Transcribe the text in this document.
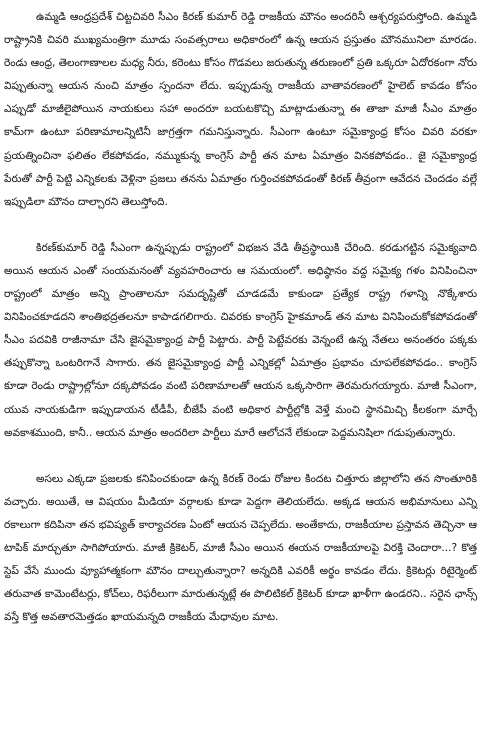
ఉమ్మడి ఆంధ్రప్రదేశ్ చిట్టచివరి సీఎం కిరణ్ కుమార్ రెడ్డి రాజకీయ మౌనం అందరినీ ఆశ్చర్యపరుస్తోంది. ఉమ్మడి రాష్ట్రానికి చివరి ముఖ్యమంత్రిగా మూడు సంవత్సరాలు అధికారంలో ఉన్న ఆయన ప్రస్తుతం మౌనమునిలా మారడం. రెండు ఆంధ్ర, తెలంగాణాలల మధ్య నీరు, కరెంటు కోసం గొడవలు జరుతున్న తరుణంలో ప్రతి ఒక్కరూ ఏదోరకంగా నోరు విప్పుతున్నా ఆయన నుంచి మాత్రం స్పందనా లేదు. ఇప్పుడున్న రాజకీయ వాతావరణంలో హైలెట్ కావడం కోసం ఎప్పుడో మాజీలైపోయిన నాయకులు సహా అందరూ బయటకొచ్చి మాట్లాడుతున్నా ఈ తాజా మాజీ సీఎం మాత్రం కామ్‌గా ఉంటూ పరిణామాలన్నిటినీ జాగ్రత్తగా గమనిస్తున్నారు. సీఎంగా ఉంటూ సమైక్యాంధ్ర కోసం చివరి వరకూ ప్రయత్నించినా ఫలితం లేకపోవడం, నమ్ముకున్న కాంగ్రెస్ పార్టీ తన మాట ఏమాత్రం వినకపోవడం.. జై సమైక్యాంధ్ర పేరుతో పార్టీ పెట్టి ఎన్నికలకు వెళ్లినా ప్రజలు తనను ఏమాత్రం గుర్తించకపోవడంతో కిరణ్ తీవ్రంగా ఆవేదన చెందడం వల్లే ఇప్పుడిలా మౌనం దాల్చారని తెలుస్తోంది.

కిరణ్‌కుమార్ రెడ్డి సీఎంగా ఉన్నప్పుడు రాష్ట్రంలో విభజన వేడి తీవ్రస్థాయికి చేరింది. కరడుగట్టిన సమైక్యవాది అయిన ఆయన ఎంతో సంయమనంతో వ్యవహరించారు ఆ సమయంలో. అధిష్ఠానం వద్ద సమైక్య గళం వినిపించినా రాష్ట్రంలో మాత్రం అన్ని ప్రాంతాలనూ సమదృష్టితో చూడడమే కాకుండా ప్రత్యేక రాష్ట్ర గళాన్ని నొక్కేశారు వినిపించకూడదని శాంతిభద్రతలనూ కాపాడగలిగారు. చివరకు కాంగ్రెస్ హైకమాండ్ తన మాట వినిపించుకోకపోవడంతో సీఎం పదవికి రాజీనామా చేసి జైసమైక్యాంధ్ర పార్టీ పెట్టారు. పార్టీ పెట్టేవరకు వెన్నంటే ఉన్న నేతలు అనంతరం పక్కకు తప్పుకొన్నా ఒంటరిగానే సాగారు. తన జైసమైక్యాంధ్ర పార్టీ ఎన్నికల్లో ఏమాత్రం ప్రభావం చూపలేకపోవడం.. కాంగ్రెస్ కూడా రెండు రాష్ట్రాల్లోనూ దక్కపోవడం వంటి పరిణామాలతో ఆయన ఒక్కసారిగా తెరమరుగయ్యారు. మాజీ సీఎంగా, యువ నాయకుడిగా ఇప్పుడాయన టీడీపీ, బీజేపీ వంటి అధికార పార్టీల్లోకి వెళ్తే మంచి స్థానమిచ్చి కీలకంగా మార్చే అవకాశముంది, కానీ.. ఆయన మాత్రం అందరిలా పార్టీలు మారే ఆలోచనే లేకుండా పెద్దమనిషిలా గడుపుతున్నారు.

అసలు ఎక్కడా ప్రజలకు కనిపించకుండా ఉన్న కిరణ్ రెండు రోజుల కిందట చిత్తూరు జిల్లాలోని తన సొంతూరికి వచ్చారు. అయితే, ఆ విషయం మీడియా వర్గాలకు కూడా పెద్దగా తెలియలేదు. అక్కడ ఆయన అభిమానులు ఎన్ని రకాలుగా కదిపినా తన భవిష్యత్ కార్యాచరణ ఏంటో ఆయన చెప్పలేదు. అంతేకాదు, రాజకీయాల ప్రస్తావన తెచ్చినా ఆ టాపిక్ మార్చుతూ సాగిపోయారు. మాజీ క్రికెటర్, మాజీ సీఎం అయిన ఈయన రాజకీయాలపై విరక్తి చెందారా...? కొత్త స్టెప్ వేసే ముందు వ్యూహాత్మకంగా మౌనం దాల్చుతున్నారా? అన్నదికి ఎవరికీ అర్థం కావడం లేదు. క్రికెటర్లు రిటైర్మెంట్ తరువాత కామెంటేటర్లు, కోచ్‌లు, రిఫరీలుగా మారుతున్నట్లే ఈ పొలిటికల్ క్రికెటర్ కూడా ఖాళీగా ఉండరని.. సరైన ఛాన్స్ వస్తే కొత్త అవతారమెత్తడం ఖాయమన్నది రాజకీయ మేధావుల మాట.
